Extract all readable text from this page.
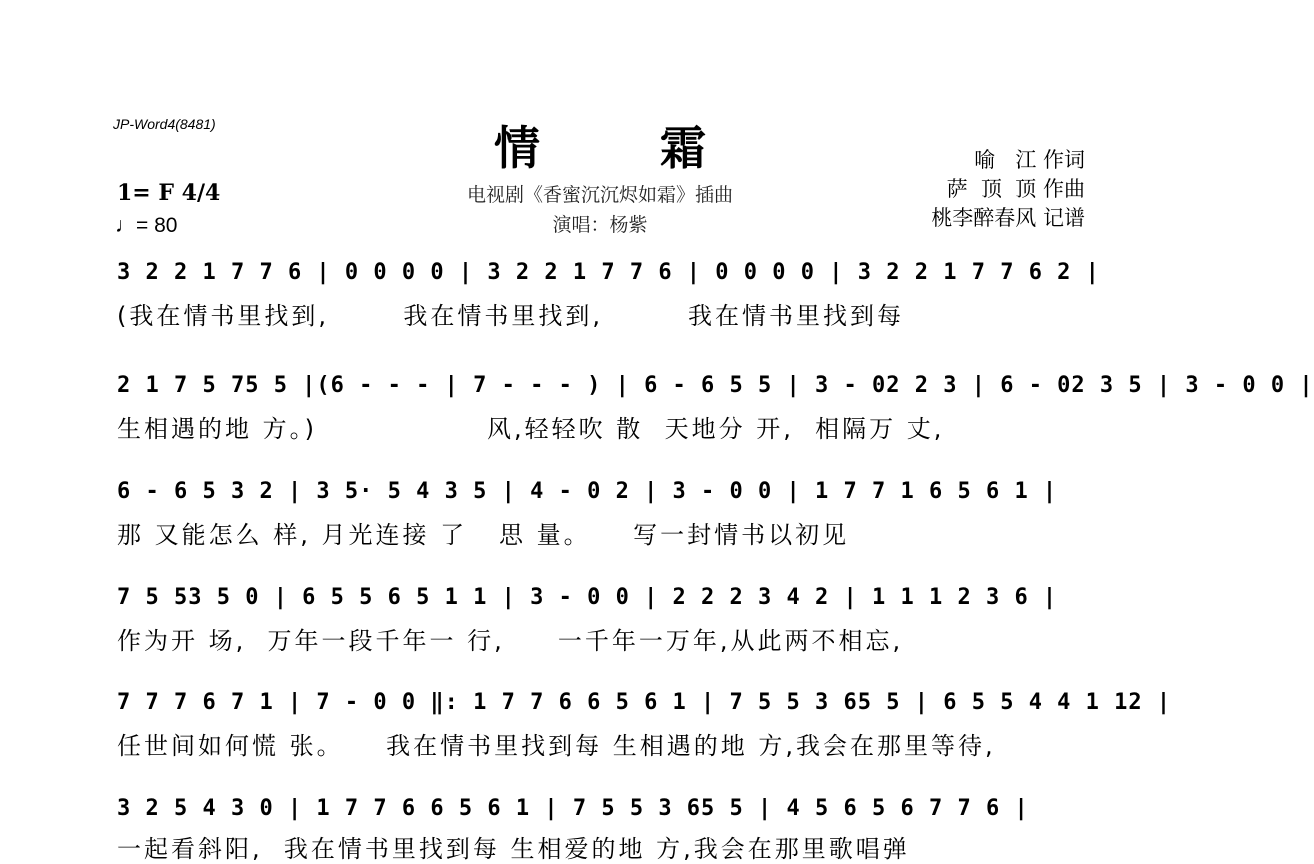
JP-Word4(8481)	情 霜
电视剧《香蜜沉沉烬如霜》插曲
演唱：杨紫
喻   江 作词
萨  顶  顶 作曲
桃李醉春风 记谱
1= F 4/4
♩= 80
3 2 2 1 7 7 6 | 0 0 0 0 | 3 2 2 1 7 7 6 | 0 0 0 0 | 3 2 2 1 7 7 6 2 |
(我在情书里找到,       我在情书里找到,        我在情书里找到每
2 1 7 5 75 5 |(6 - - - | 7 - - - ) | 6 - 6 5 5 | 3 - 02 2 3 | 6 - 02 3 5 | 3 - 0 0 |
生相遇的地 方。)                风,轻轻吹 散  天地分 开,  相隔万 丈,
6 - 6 5 3 2 | 3 5· 5 4 3 5 | 4 - 0 2 | 3 - 0 0 | 1 7 7 1 6 5 6 1 |
那 又能怎么 样, 月光连接 了   思 量。    写一封情书以初见
7 5 53 5 0 | 6 5 5 6 5 1 1 | 3 - 0 0 | 2 2 2 3 4 2 | 1 1 1 2 3 6 |
作为开 场,  万年一段千年一 行,     一千年一万年,从此两不相忘,
7 7 7 6 7 1 | 7 - 0 0 ‖: 1 7 7 6 6 5 6 1 | 7 5 5 3 65 5 | 6 5 5 4 4 1 12 |
任世间如何慌 张。    我在情书里找到每 生相遇的地 方,我会在那里等待,
3 2 5 4 3 0 | 1 7 7 6 6 5 6 1 | 7 5 5 3 65 5 | 4 5 6 5 6 7 7 6 |
一起看斜阳,  我在情书里找到每 生相爱的地 方,我会在那里歌唱弹
